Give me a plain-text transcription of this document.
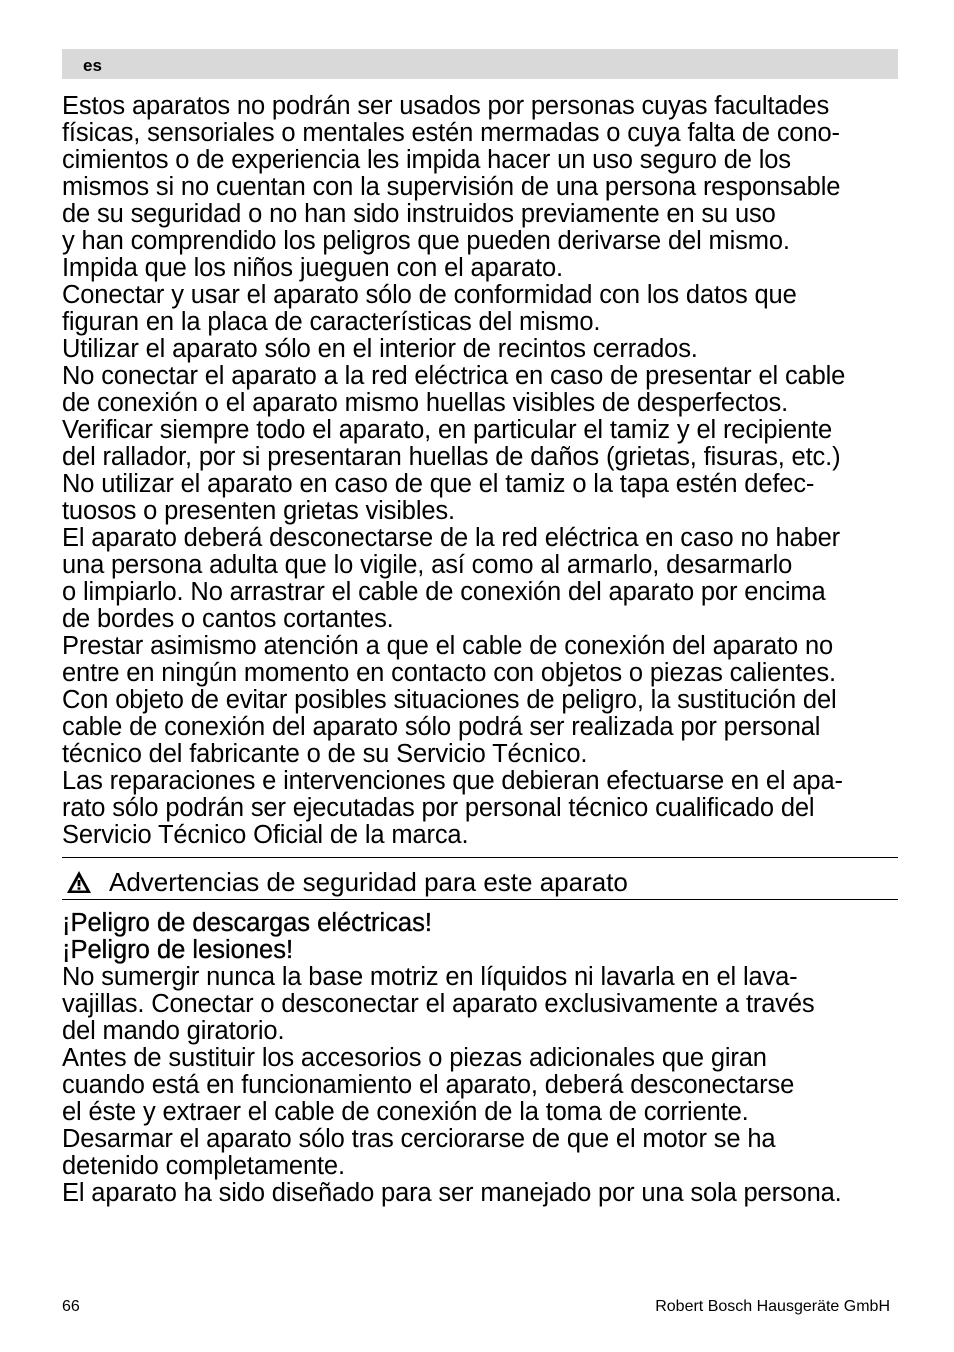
es
Estos aparatos no podrán ser usados por personas cuyas facultades
físicas, sensoriales o mentales estén mermadas o cuya falta de cono-
cimientos o de experiencia les impida hacer un uso seguro de los
mismos si no cuentan con la supervisión de una persona responsable
de su seguridad o no han sido instruidos previamente en su uso
y han comprendido los peligros que pueden derivarse del mismo.
Impida que los niños jueguen con el aparato.
Conectar y usar el aparato sólo de conformidad con los datos que
figuran en la placa de características del mismo.
Utilizar el aparato sólo en el interior de recintos cerrados.
No conectar el aparato a la red eléctrica en caso de presentar el cable
de conexión o el aparato mismo huellas visibles de desperfectos.
Verificar siempre todo el aparato, en particular el tamiz y el recipiente
del rallador, por si presentaran huellas de daños (grietas, fisuras, etc.)
No utilizar el aparato en caso de que el tamiz o la tapa estén defec-
tuosos o presenten grietas visibles.
El aparato deberá desconectarse de la red eléctrica en caso no haber
una persona adulta que lo vigile, así como al armarlo, desarmarlo
o limpiarlo. No arrastrar el cable de conexión del aparato por encima
de bordes o cantos cortantes.
Prestar asimismo atención a que el cable de conexión del aparato no
entre en ningún momento en contacto con objetos o piezas calientes.
Con objeto de evitar posibles situaciones de peligro, la sustitución del
cable de conexión del aparato sólo podrá ser realizada por personal
técnico del fabricante o de su Servicio Técnico.
Las reparaciones e intervenciones que debieran efectuarse en el apa-
rato sólo podrán ser ejecutadas por personal técnico cualificado del
Servicio Técnico Oficial de la marca.
Advertencias de seguridad para este aparato
¡Peligro de descargas eléctricas!
¡Peligro de lesiones!
No sumergir nunca la base motriz en líquidos ni lavarla en el lava-
vajillas. Conectar o desconectar el aparato exclusivamente a través
del mando giratorio.
Antes de sustituir los accesorios o piezas adicionales que giran
cuando está en funcionamiento el aparato, deberá desconectarse
el éste y extraer el cable de conexión de la toma de corriente.
Desarmar el aparato sólo tras cerciorarse de que el motor se ha
detenido completamente.
El aparato ha sido diseñado para ser manejado por una sola persona.
66	Robert Bosch Hausgeräte GmbH
